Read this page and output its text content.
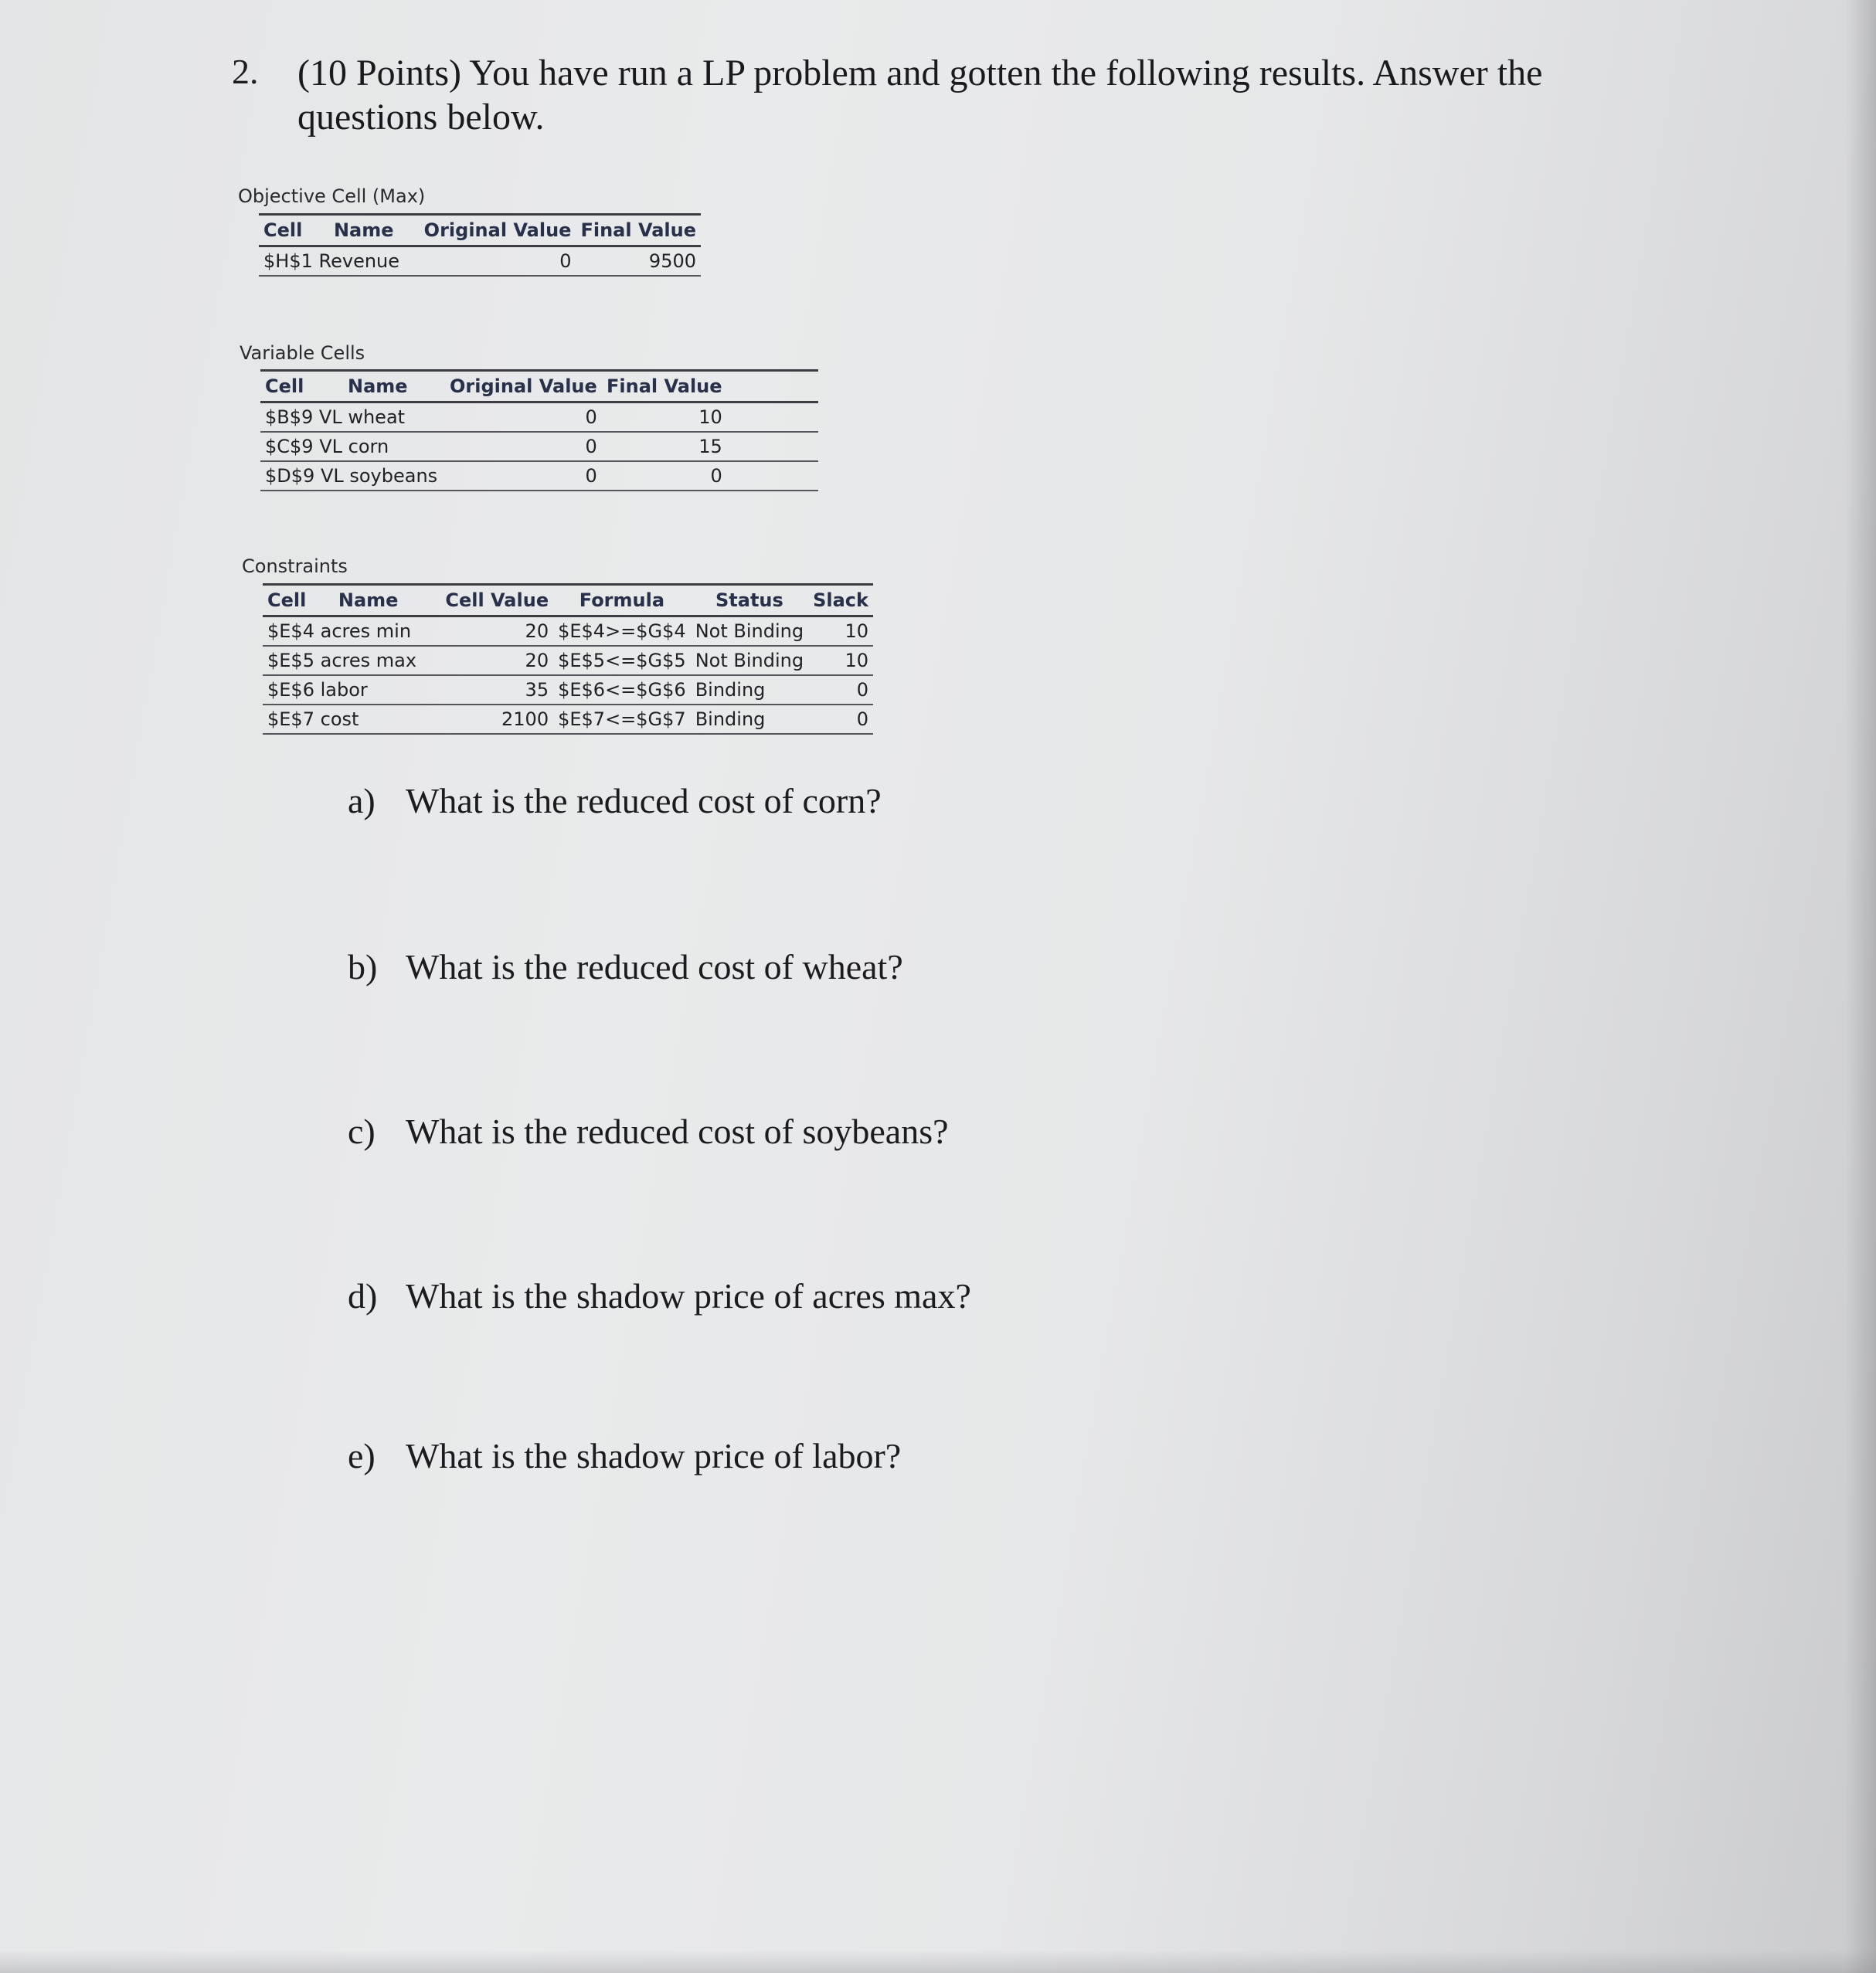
2. (10 Points) You have run a LP problem and gotten the following results. Answer the questions below.
Objective Cell (Max)
Cell	Name	Original Value	Final Value
$H$1 Revenue		0	9500
Variable Cells
Cell	Name	Original Value	Final Value	
$B$9 VL wheat		0	10	
$C$9 VL corn		0	15	
$D$9 VL soybeans		0	0	
Constraints
Cell	Name	Cell Value	Formula	Status	Slack
$E$4 acres min		20	$E$4>=$G$4	Not Binding	10
$E$5 acres max		20	$E$5<=$G$5	Not Binding	10
$E$6 labor		35	$E$6<=$G$6	Binding	0
$E$7 cost		2100	$E$7<=$G$7	Binding	0
a) What is the reduced cost of corn?
b) What is the reduced cost of wheat?
c) What is the reduced cost of soybeans?
d) What is the shadow price of acres max?
e) What is the shadow price of labor?
